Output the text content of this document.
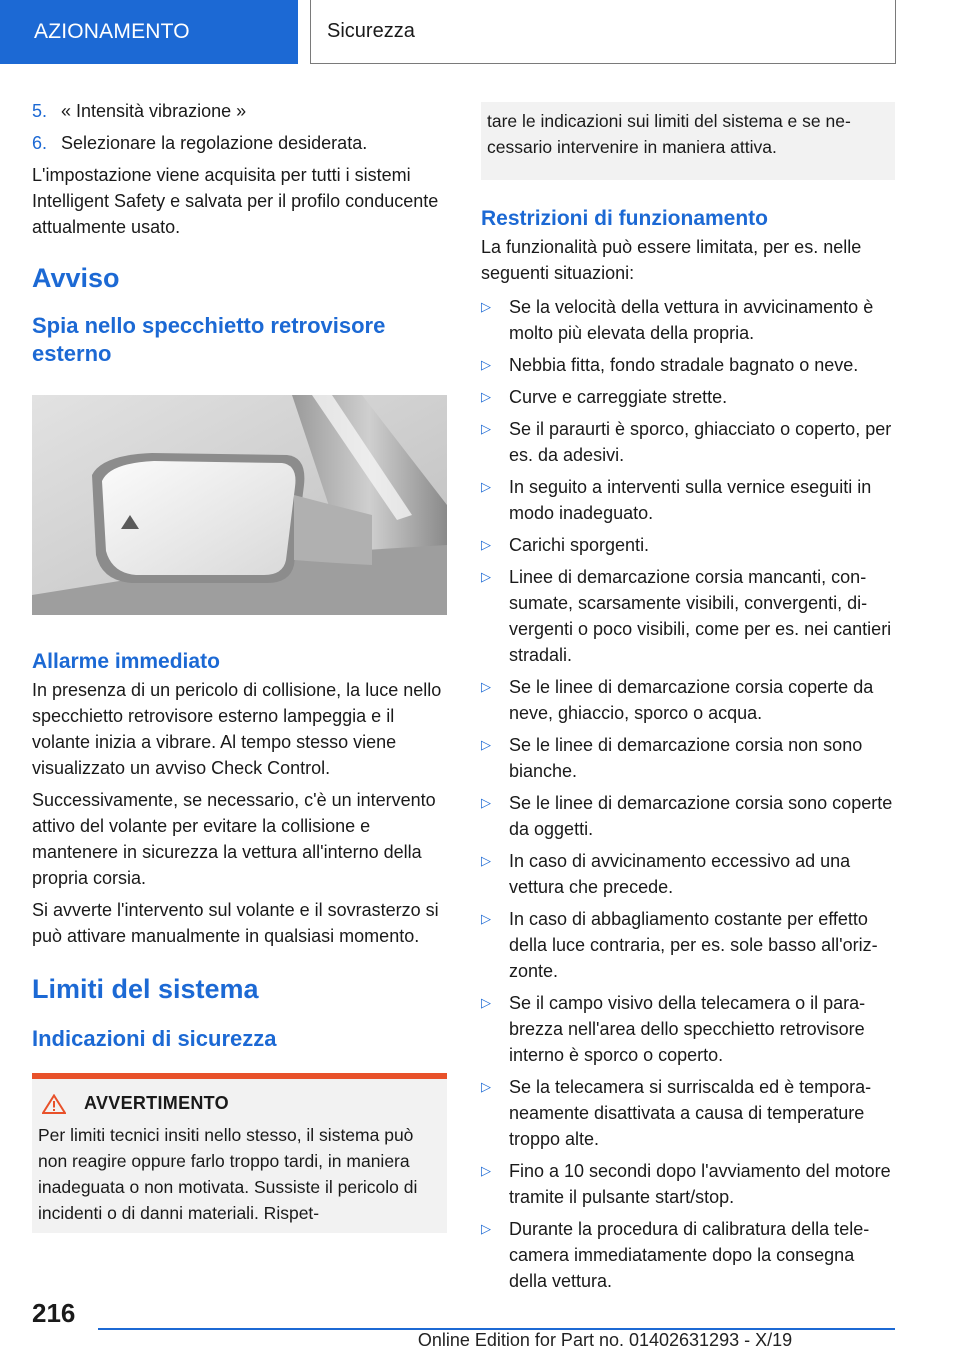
AZIONAMENTO	Sicurezza
5. « Intensità vibrazione »
6. Selezionare la regolazione desiderata.

L'impostazione viene acquisita per tutti i sistemi Intelligent Safety e salvata per il profilo conducente attualmente usato.

Avviso
Spia nello specchietto retrovisore esterno
Allarme immediato

In presenza di un pericolo di collisione, la luce nello specchietto retrovisore esterno lampeggia e il volante inizia a vibrare. Al tempo stesso viene visualizzato un avviso Check Control.

Successivamente, se necessario, c'è un intervento attivo del volante per evitare la collisione e mantenere in sicurezza la vettura all'interno della propria corsia.

Si avverte l'intervento sul volante e il sovrasterzo si può attivare manualmente in qualsiasi momento.

Limiti del sistema
Indicazioni di sicurezza
AVVERTIMENTO

Per limiti tecnici insiti nello stesso, il sistema può non reagire oppure farlo troppo tardi, in maniera inadeguata o non motivata. Sussiste il pericolo di incidenti o di danni materiali. Rispet-

tare le indicazioni sui limiti del sistema e se necessario intervenire in maniera attiva.

Restrizioni di funzionamento

La funzionalità può essere limitata, per es. nelle seguenti situazioni:

▷	Se la velocità della vettura in avvicinamento è molto più elevata della propria.
▷	Nebbia fitta, fondo stradale bagnato o neve.
▷	Curve e carreggiate strette.
▷	Se il paraurti è sporco, ghiacciato o coperto, per es. da adesivi.
▷	In seguito a interventi sulla vernice eseguiti in modo inadeguato.
▷	Carichi sporgenti.
▷	Linee di demarcazione corsia mancanti, consumate, scarsamente visibili, convergenti, divergenti o poco visibili, come per es. nei cantieri stradali.
▷	Se le linee di demarcazione corsia coperte da neve, ghiaccio, sporco o acqua.
▷	Se le linee di demarcazione corsia non sono bianche.
▷	Se le linee di demarcazione corsia sono coperte da oggetti.
▷	In caso di avvicinamento eccessivo ad una vettura che precede.
▷	In caso di abbagliamento costante per effetto della luce contraria, per es. sole basso all'orizzonte.
▷	Se il campo visivo della telecamera o il parabrezza nell'area dello specchietto retrovisore interno è sporco o coperto.
▷	Se la telecamera si surriscalda ed è temporaneamente disattivata a causa di temperature troppo alte.
▷	Fino a 10 secondi dopo l'avviamento del motore tramite il pulsante start/stop.
▷	Durante la procedura di calibratura della telecamera immediatamente dopo la consegna della vettura.
216
Online Edition for Part no. 01402631293 - X/19
